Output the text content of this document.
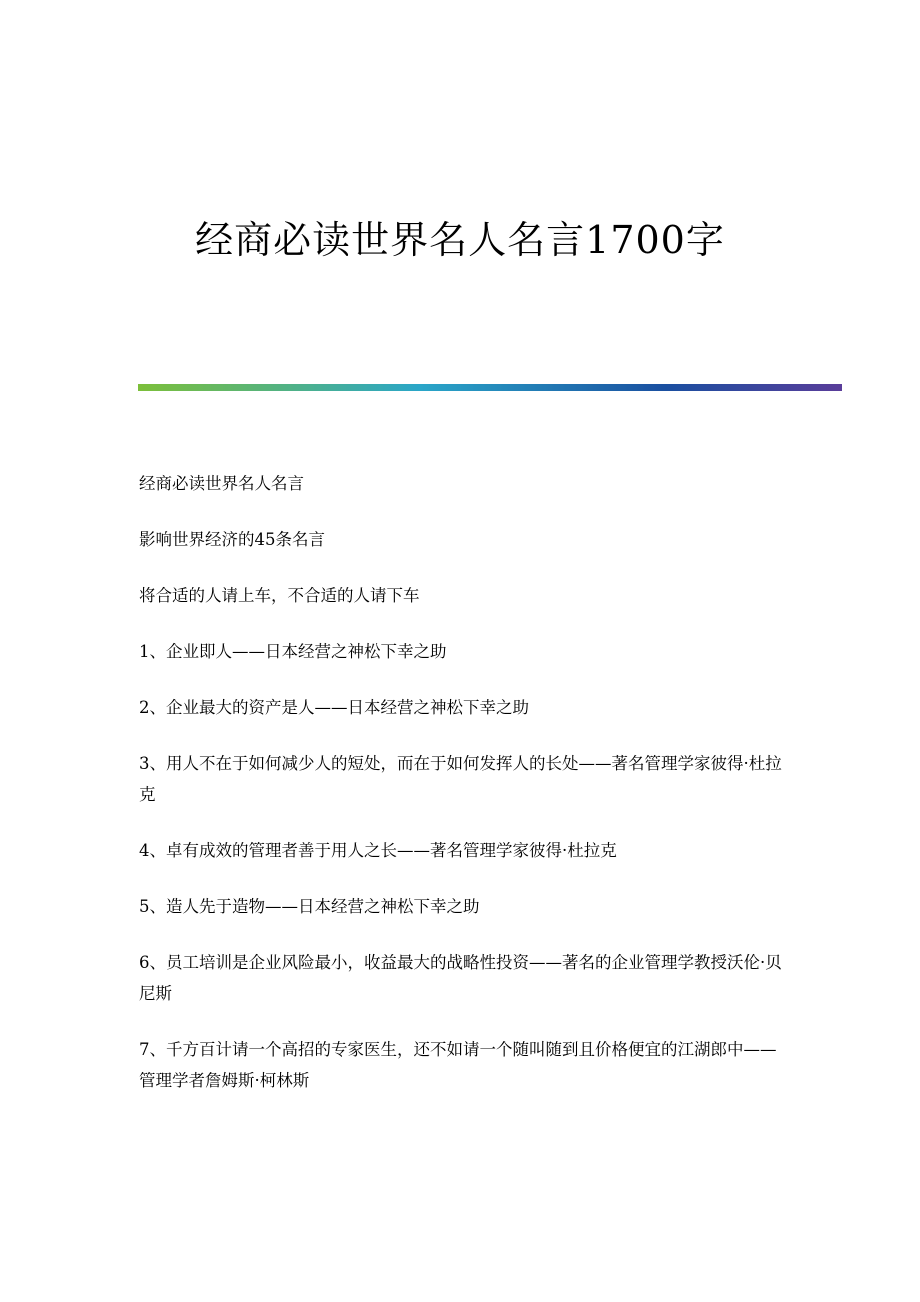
经商必读世界名人名言1700字

经商必读世界名人名言

影响世界经济的45条名言

将合适的人请上车，不合适的人请下车

1、企业即人——日本经营之神松下幸之助

2、企业最大的资产是人——日本经营之神松下幸之助

3、用人不在于如何减少人的短处，而在于如何发挥人的长处——著名管理学家彼得·杜拉克

4、卓有成效的管理者善于用人之长——著名管理学家彼得·杜拉克

5、造人先于造物——日本经营之神松下幸之助

6、员工培训是企业风险最小，收益最大的战略性投资——著名的企业管理学教授沃伦·贝尼斯

7、千方百计请一个高招的专家医生，还不如请一个随叫随到且价格便宜的江湖郎中——管理学者詹姆斯·柯林斯
